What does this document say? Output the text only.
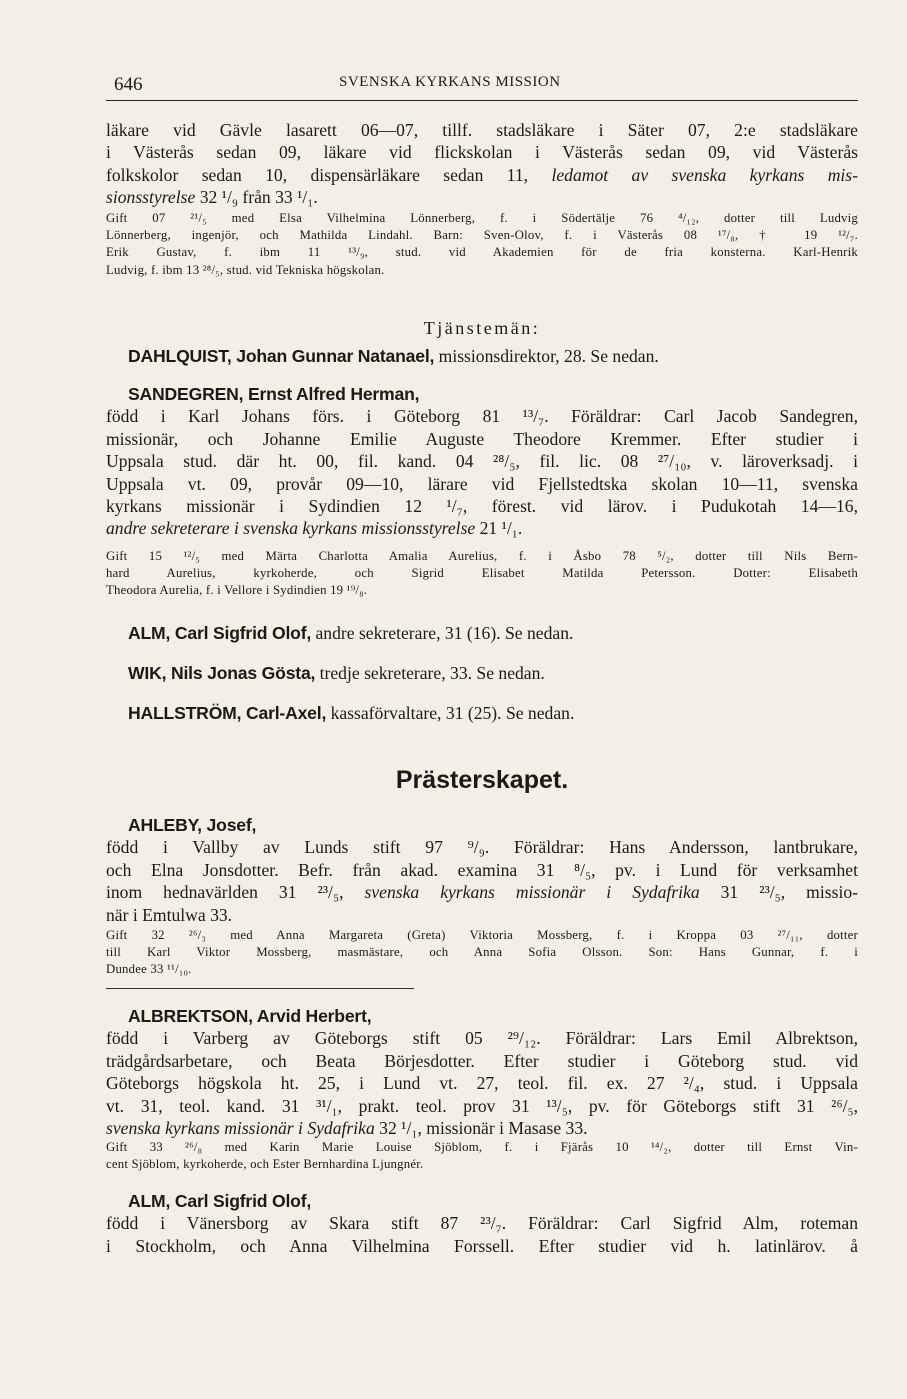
646	SVENSKA KYRKANS MISSION
läkare vid Gävle lasarett 06—07, tillf. stadsläkare i Säter 07, 2:e stadsläkare
i Västerås sedan 09, läkare vid flickskolan i Västerås sedan 09, vid Västerås
folkskolor sedan 10, dispensärläkare sedan 11, ledamot av svenska kyrkans mis-
sionsstyrelse 32 ¹/₉ från 33 ¹/₁.
Gift 07 ²¹/₅ med Elsa Vilhelmina Lönnerberg, f. i Södertälje 76 ⁴/₁₂, dotter till Ludvig
Lönnerberg, ingenjör, och Mathilda Lindahl. Barn: Sven-Olov, f. i Västerås 08 ¹⁷/₈, † 19 ¹²/₇.
Erik Gustav, f. ibm 11 ¹³/₉, stud. vid Akademien för de fria konsterna. Karl-Henrik
Ludvig, f. ibm 13 ²⁸/₅, stud. vid Tekniska högskolan.
Tjänstemän:
DAHLQUIST, Johan Gunnar Natanael, missionsdirektor, 28. Se nedan.
SANDEGREN, Ernst Alfred Herman,
född i Karl Johans förs. i Göteborg 81 ¹³/₇. Föräldrar: Carl Jacob Sandegren,
missionär, och Johanne Emilie Auguste Theodore Kremmer. Efter studier i
Uppsala stud. där ht. 00, fil. kand. 04 ²⁸/₅, fil. lic. 08 ²⁷/₁₀, v. läroverksadj. i
Uppsala vt. 09, provår 09—10, lärare vid Fjellstedtska skolan 10—11, svenska
kyrkans missionär i Sydindien 12 ¹/₇, förest. vid lärov. i Pudukotah 14—16,
andre sekreterare i svenska kyrkans missionsstyrelse 21 ¹/₁.
Gift 15 ¹²/₅ med Märta Charlotta Amalia Aurelius, f. i Åsbo 78 ⁵/₂, dotter till Nils Bern-
hard Aurelius, kyrkoherde, och Sigrid Elisabet Matilda Petersson. Dotter: Elisabeth
Theodora Aurelia, f. i Vellore i Sydindien 19 ¹⁹/₈.
ALM, Carl Sigfrid Olof, andre sekreterare, 31 (16). Se nedan.
WIK, Nils Jonas Gösta, tredje sekreterare, 33. Se nedan.
HALLSTRÖM, Carl-Axel, kassaförvaltare, 31 (25). Se nedan.
Prästerskapet.
AHLEBY, Josef,
född i Vallby av Lunds stift 97 ⁹/₉. Föräldrar: Hans Andersson, lantbrukare,
och Elna Jonsdotter. Befr. från akad. examina 31 ⁸/₅, pv. i Lund för verksamhet
inom hednavärlden 31 ²³/₅, svenska kyrkans missionär i Sydafrika 31 ²³/₅, missio-
när i Emtulwa 33.
Gift 32 ²⁶/₃ med Anna Margareta (Greta) Viktoria Mossberg, f. i Kroppa 03 ²⁷/₁₁, dotter
till Karl Viktor Mossberg, masmästare, och Anna Sofia Olsson. Son: Hans Gunnar, f. i
Dundee 33 ¹¹/₁₀.
ALBREKTSON, Arvid Herbert,
född i Varberg av Göteborgs stift 05 ²⁹/₁₂. Föräldrar: Lars Emil Albrektson,
trädgårdsarbetare, och Beata Börjesdotter. Efter studier i Göteborg stud. vid
Göteborgs högskola ht. 25, i Lund vt. 27, teol. fil. ex. 27 ²/₄, stud. i Uppsala
vt. 31, teol. kand. 31 ³¹/₁, prakt. teol. prov 31 ¹³/₅, pv. för Göteborgs stift 31 ²⁶/₅,
svenska kyrkans missionär i Sydafrika 32 ¹/₁, missionär i Masase 33.
Gift 33 ²⁶/₈ med Karin Marie Louise Sjöblom, f. i Fjärås 10 ¹⁴/₂, dotter till Ernst Vin-
cent Sjöblom, kyrkoherde, och Ester Bernhardina Ljungnér.
ALM, Carl Sigfrid Olof,
född i Vänersborg av Skara stift 87 ²³/₇. Föräldrar: Carl Sigfrid Alm, roteman
i Stockholm, och Anna Vilhelmina Forssell. Efter studier vid h. latinlärov. å
